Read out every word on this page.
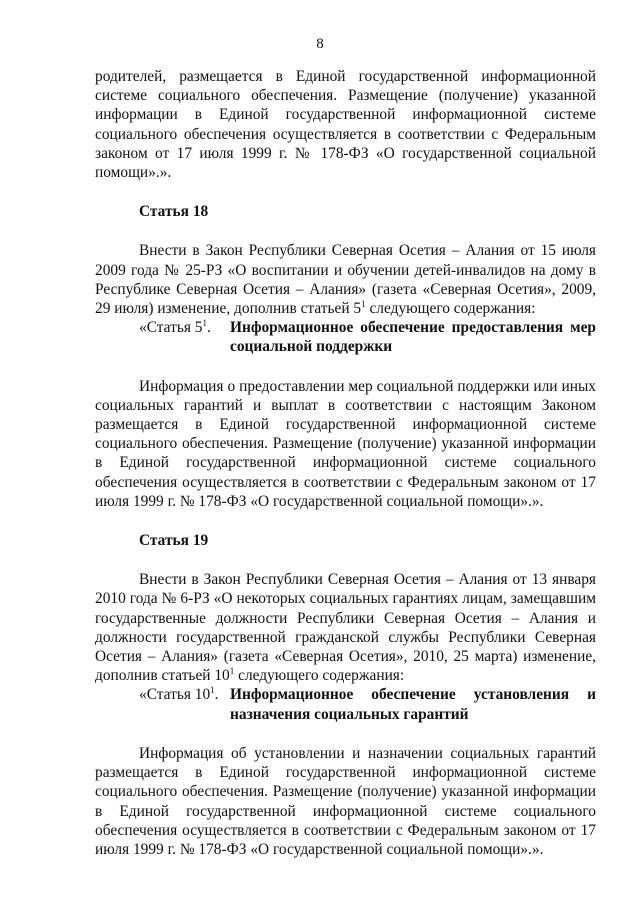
8

родителей, размещается в Единой государственной информационной системе социального обеспечения. Размещение (получение) указанной информации в Единой государственной информационной системе социального обеспечения осуществляется в соответствии с Федеральным законом от 17 июля 1999 г. № 178-ФЗ «О государственной социальной помощи».».

Статья 18

Внести в Закон Республики Северная Осетия – Алания от 15 июля 2009 года № 25-РЗ «О воспитании и обучении детей-инвалидов на дому в Республике Северная Осетия – Алания» (газета «Северная Осетия», 2009, 29 июля) изменение, дополнив статьей $5^1$ следующего содержания:

«Статья $5^1$.	Информационное обеспечение предоставления мер
социальной поддержки

Информация о предоставлении мер социальной поддержки или иных социальных гарантий и выплат в соответствии с настоящим Законом размещается в Единой государственной информационной системе социального обеспечения. Размещение (получение) указанной информации в Единой государственной информационной системе социального обеспечения осуществляется в соответствии с Федеральным законом от 17 июля 1999 г. № 178-ФЗ «О государственной социальной помощи».».

Статья 19

Внести в Закон Республики Северная Осетия – Алания от 13 января 2010 года № 6-РЗ «О некоторых социальных гарантиях лицам, замещавшим государственные должности Республики Северная Осетия – Алания и должности государственной гражданской службы Республики Северная Осетия – Алания» (газета «Северная Осетия», 2010, 25 марта) изменение, дополнив статьей $10^1$ следующего содержания:

«Статья $10^1$. Информационное обеспечение установления и
назначения социальных гарантий

Информация об установлении и назначении социальных гарантий размещается в Единой государственной информационной системе социального обеспечения. Размещение (получение) указанной информации в Единой государственной информационной системе социального обеспечения осуществляется в соответствии с Федеральным законом от 17 июля 1999 г. № 178-ФЗ «О государственной социальной помощи».».
